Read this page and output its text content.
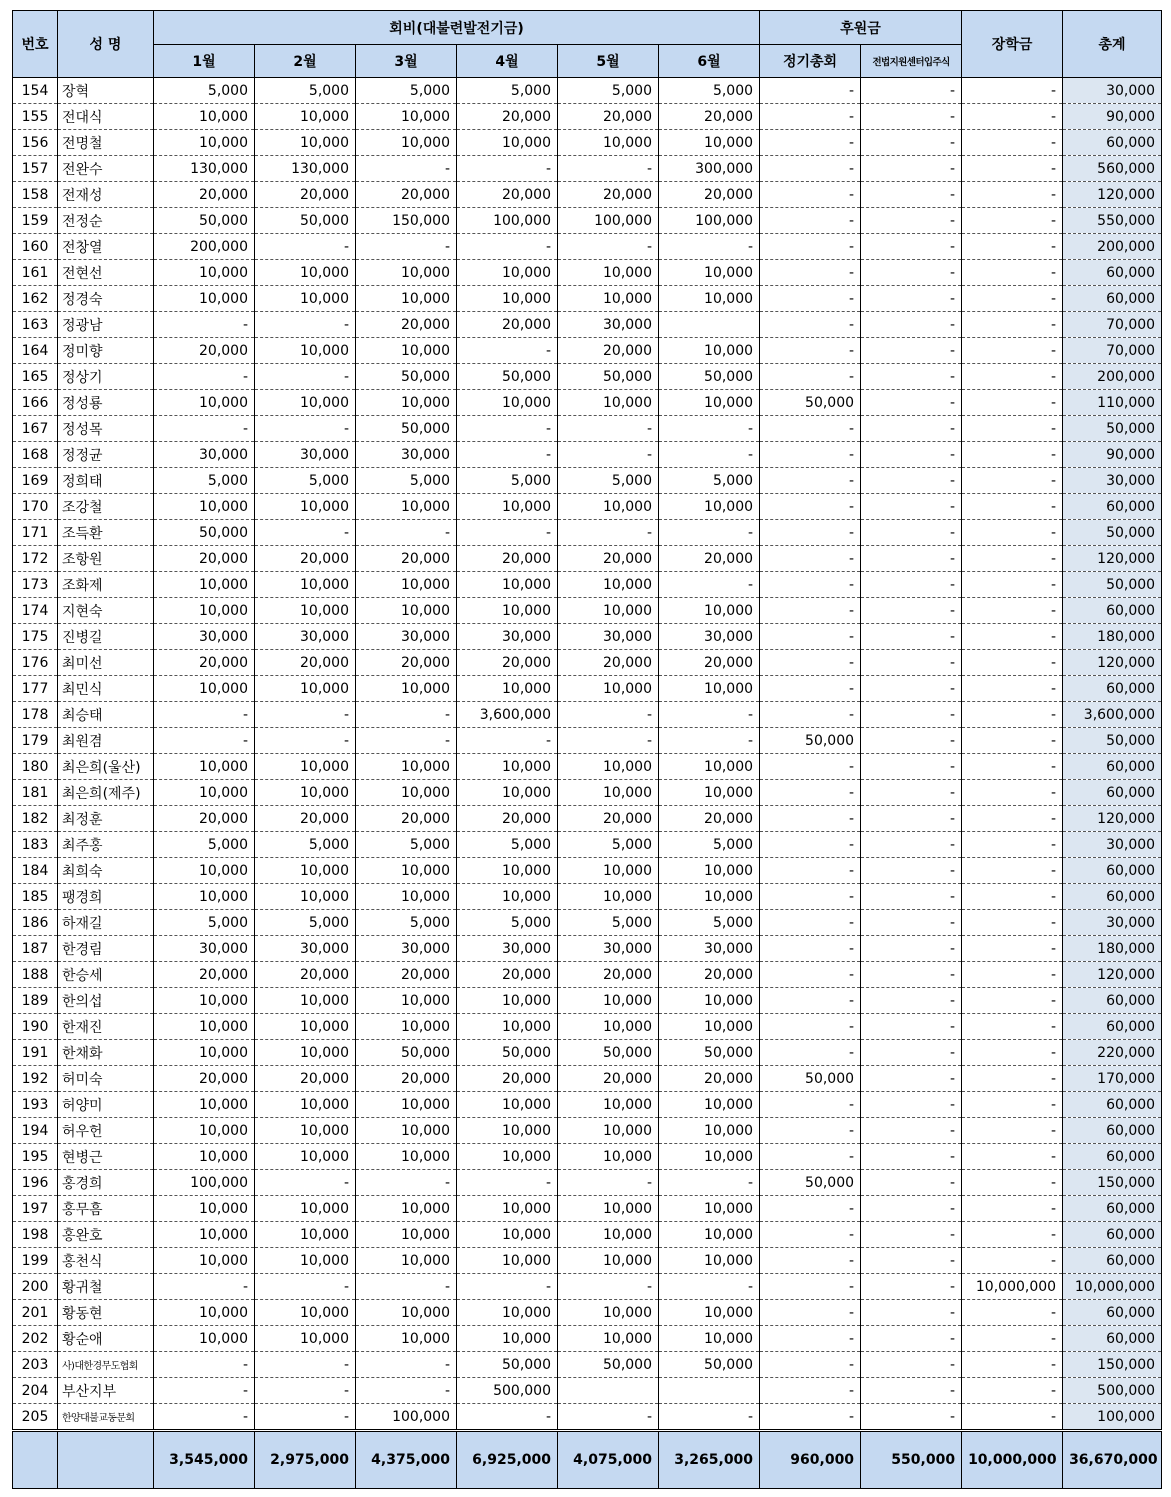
번호	성 명	회비(대불련발전기금)						후원금		장학금	총계
		1월	2월	3월	4월	5월	6월	정기총회	전법지원센터입주식		
154	장혁	5,000	5,000	5,000	5,000	5,000	5,000	-	-	-	30,000
155	전대식	10,000	10,000	10,000	20,000	20,000	20,000	-	-	-	90,000
156	전명철	10,000	10,000	10,000	10,000	10,000	10,000	-	-	-	60,000
157	전완수	130,000	130,000	-	-	-	300,000	-	-	-	560,000
158	전재성	20,000	20,000	20,000	20,000	20,000	20,000	-	-	-	120,000
159	전정순	50,000	50,000	150,000	100,000	100,000	100,000	-	-	-	550,000
160	전창열	200,000	-	-	-	-	-	-	-	-	200,000
161	전현선	10,000	10,000	10,000	10,000	10,000	10,000	-	-	-	60,000
162	정경숙	10,000	10,000	10,000	10,000	10,000	10,000	-	-	-	60,000
163	정광남	-	-	20,000	20,000	30,000		-	-	-	70,000
164	정미향	20,000	10,000	10,000	-	20,000	10,000	-	-	-	70,000
165	정상기	-	-	50,000	50,000	50,000	50,000	-	-	-	200,000
166	정성룡	10,000	10,000	10,000	10,000	10,000	10,000	50,000	-	-	110,000
167	정성목	-	-	50,000	-	-	-	-	-	-	50,000
168	정정균	30,000	30,000	30,000	-	-	-	-	-	-	90,000
169	정희태	5,000	5,000	5,000	5,000	5,000	5,000	-	-	-	30,000
170	조강철	10,000	10,000	10,000	10,000	10,000	10,000	-	-	-	60,000
171	조득환	50,000	-	-	-	-	-	-	-	-	50,000
172	조항원	20,000	20,000	20,000	20,000	20,000	20,000	-	-	-	120,000
173	조화제	10,000	10,000	10,000	10,000	10,000	-	-	-	-	50,000
174	지현숙	10,000	10,000	10,000	10,000	10,000	10,000	-	-	-	60,000
175	진병길	30,000	30,000	30,000	30,000	30,000	30,000	-	-	-	180,000
176	최미선	20,000	20,000	20,000	20,000	20,000	20,000	-	-	-	120,000
177	최민식	10,000	10,000	10,000	10,000	10,000	10,000	-	-	-	60,000
178	최승태	-	-	-	3,600,000	-	-	-	-	-	3,600,000
179	최원겸	-	-	-	-	-	-	50,000	-	-	50,000
180	최은희(울산)	10,000	10,000	10,000	10,000	10,000	10,000	-	-	-	60,000
181	최은희(제주)	10,000	10,000	10,000	10,000	10,000	10,000	-	-	-	60,000
182	최정훈	20,000	20,000	20,000	20,000	20,000	20,000	-	-	-	120,000
183	최주홍	5,000	5,000	5,000	5,000	5,000	5,000	-	-	-	30,000
184	최희숙	10,000	10,000	10,000	10,000	10,000	10,000	-	-	-	60,000
185	팽경희	10,000	10,000	10,000	10,000	10,000	10,000	-	-	-	60,000
186	하재길	5,000	5,000	5,000	5,000	5,000	5,000	-	-	-	30,000
187	한경림	30,000	30,000	30,000	30,000	30,000	30,000	-	-	-	180,000
188	한승세	20,000	20,000	20,000	20,000	20,000	20,000	-	-	-	120,000
189	한의섭	10,000	10,000	10,000	10,000	10,000	10,000	-	-	-	60,000
190	한재진	10,000	10,000	10,000	10,000	10,000	10,000	-	-	-	60,000
191	한채화	10,000	10,000	50,000	50,000	50,000	50,000	-	-	-	220,000
192	허미숙	20,000	20,000	20,000	20,000	20,000	20,000	50,000	-	-	170,000
193	허양미	10,000	10,000	10,000	10,000	10,000	10,000	-	-	-	60,000
194	허우헌	10,000	10,000	10,000	10,000	10,000	10,000	-	-	-	60,000
195	현병근	10,000	10,000	10,000	10,000	10,000	10,000	-	-	-	60,000
196	홍경희	100,000	-	-	-	-	-	50,000	-	-	150,000
197	홍무흠	10,000	10,000	10,000	10,000	10,000	10,000	-	-	-	60,000
198	홍완호	10,000	10,000	10,000	10,000	10,000	10,000	-	-	-	60,000
199	홍천식	10,000	10,000	10,000	10,000	10,000	10,000	-	-	-	60,000
200	황귀철	-	-	-	-	-	-	-	-	10,000,000	10,000,000
201	황동현	10,000	10,000	10,000	10,000	10,000	10,000	-	-	-	60,000
202	황순애	10,000	10,000	10,000	10,000	10,000	10,000	-	-	-	60,000
203	사)대한경무도협회	-	-	-	50,000	50,000	50,000	-	-	-	150,000
204	부산지부	-	-	-	500,000			-	-	-	500,000
205	한양대불교동문회	-	-	100,000	-	-	-	-	-	-	100,000
		3,545,000	2,975,000	4,375,000	6,925,000	4,075,000	3,265,000	960,000	550,000	10,000,000	36,670,000
